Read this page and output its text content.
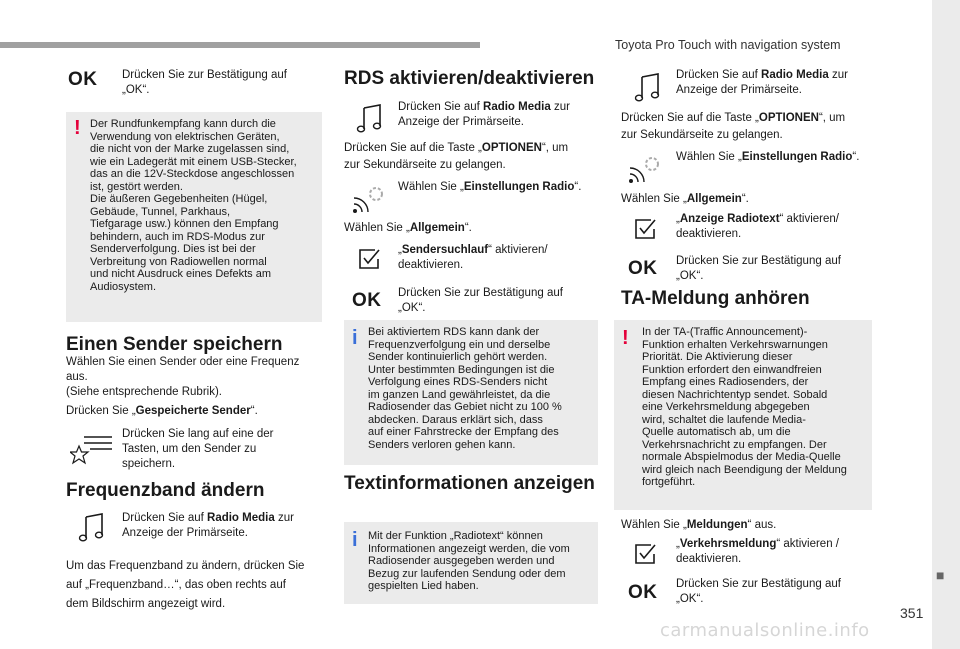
Toyota Pro Touch with navigation system
■
351
carmanualsonline.info
OK Drücken Sie zur Bestätigung auf
„OK“.
! Der Rundfunkempfang kann durch die
Verwendung von elektrischen Geräten,
die nicht von der Marke zugelassen sind,
wie ein Ladegerät mit einem USB-Stecker,
das an die 12V-Steckdose angeschlossen
ist, gestört werden.
Die äußeren Gegebenheiten (Hügel,
Gebäude, Tunnel, Parkhaus,
Tiefgarage usw.) können den Empfang
behindern, auch im RDS-Modus zur
Senderverfolgung. Dies ist bei der
Verbreitung von Radiowellen normal
und nicht Ausdruck eines Defekts am
Audiosystem.
Einen Sender speichern
Wählen Sie einen Sender oder eine Frequenz
aus.
(Siehe entsprechende Rubrik).
Drücken Sie „Gespeicherte Sender“.
Drücken Sie lang auf eine der
Tasten, um den Sender zu
speichern.
Frequenzband ändern
Drücken Sie auf Radio Media zur
Anzeige der Primärseite.
Um das Frequenzband zu ändern, drücken Sie
auf „Frequenzband…“, das oben rechts auf
dem Bildschirm angezeigt wird.
RDS aktivieren/deaktivieren
Drücken Sie auf Radio Media zur
Anzeige der Primärseite.
Drücken Sie auf die Taste „OPTIONEN“, um
zur Sekundärseite zu gelangen.
Wählen Sie „Einstellungen Radio“.
Wählen Sie „Allgemein“.
„Sendersuchlauf“ aktivieren/
deaktivieren.
OK Drücken Sie zur Bestätigung auf
„OK“.
i Bei aktiviertem RDS kann dank der
Frequenzverfolgung ein und derselbe
Sender kontinuierlich gehört werden.
Unter bestimmten Bedingungen ist die
Verfolgung eines RDS-Senders nicht
im ganzen Land gewährleistet, da die
Radiosender das Gebiet nicht zu 100 %
abdecken. Daraus erklärt sich, dass
auf einer Fahrstrecke der Empfang des
Senders verloren gehen kann.
Textinformationen anzeigen
i Mit der Funktion „Radiotext“ können
Informationen angezeigt werden, die vom
Radiosender ausgegeben werden und
Bezug zur laufenden Sendung oder dem
gespielten Lied haben.
Drücken Sie auf Radio Media zur
Anzeige der Primärseite.
Drücken Sie auf die Taste „OPTIONEN“, um
zur Sekundärseite zu gelangen.
Wählen Sie „Einstellungen Radio“.
Wählen Sie „Allgemein“.
„Anzeige Radiotext“ aktivieren/
deaktivieren.
OK Drücken Sie zur Bestätigung auf
„OK“.
TA-Meldung anhören
! In der TA-(Traffic Announcement)-
Funktion erhalten Verkehrswarnungen
Priorität. Die Aktivierung dieser
Funktion erfordert den einwandfreien
Empfang eines Radiosenders, der
diesen Nachrichtentyp sendet. Sobald
eine Verkehrsmeldung abgegeben
wird, schaltet die laufende Media-
Quelle automatisch ab, um die
Verkehrsnachricht zu empfangen. Der
normale Abspielmodus der Media-Quelle
wird gleich nach Beendigung der Meldung
fortgeführt.
Wählen Sie „Meldungen“ aus.
„Verkehrsmeldung“ aktivieren /
deaktivieren.
OK Drücken Sie zur Bestätigung auf
„OK“.
